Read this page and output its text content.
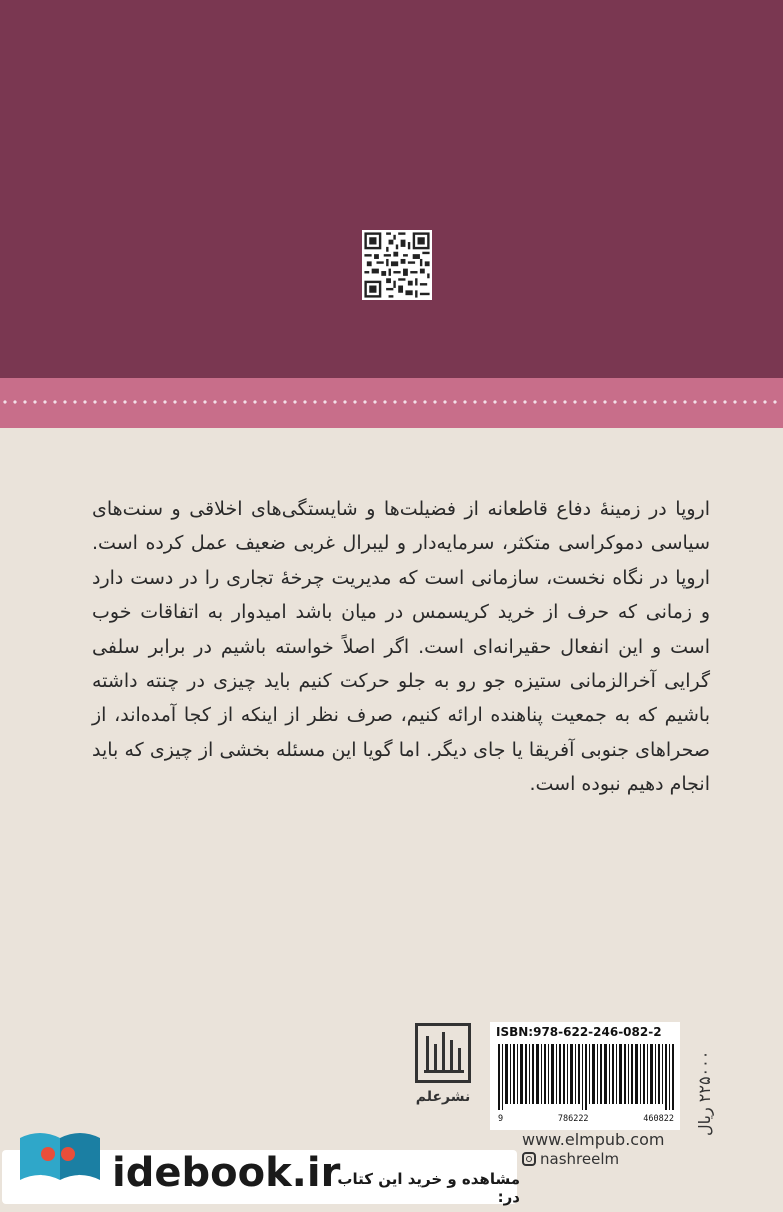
اروپا در زمینهٔ دفاع قاطعانه از فضیلت‌ها و شایستگی‌های اخلاقی و سنت‌های سیاسی دموکراسی متکثر، سرمایه‌دار و لیبرال غربی ضعیف عمل کرده است. اروپا در نگاه نخست، سازمانی است که مدیریت چرخهٔ تجاری را در دست دارد و زمانی که حرف از خرید کریسمس در میان باشد امیدوار به اتفاقات خوب است و این انفعال حقیرانه‌ای است. اگر اصلاً خواسته باشیم در برابر سلفی گرایی آخرالزمانی ستیزه جو رو به جلو حرکت کنیم باید چیزی در چنته داشته باشیم که به جمعیت پناهنده ارائه کنیم، صرف نظر از اینکه از کجا آمده‌اند، از صحراهای جنوبی آفریقا یا جای دیگر. اما گویا این مسئله بخشی از چیزی که باید انجام دهیم نبوده است.
نشرعلم
ISBN:978-622-246-082-2
9	786222	460822 ۲۲۵۰۰۰ ریال
www.elmpub.com
nashreelm
idebook.ir
مشاهده و خرید این کتاب در:
